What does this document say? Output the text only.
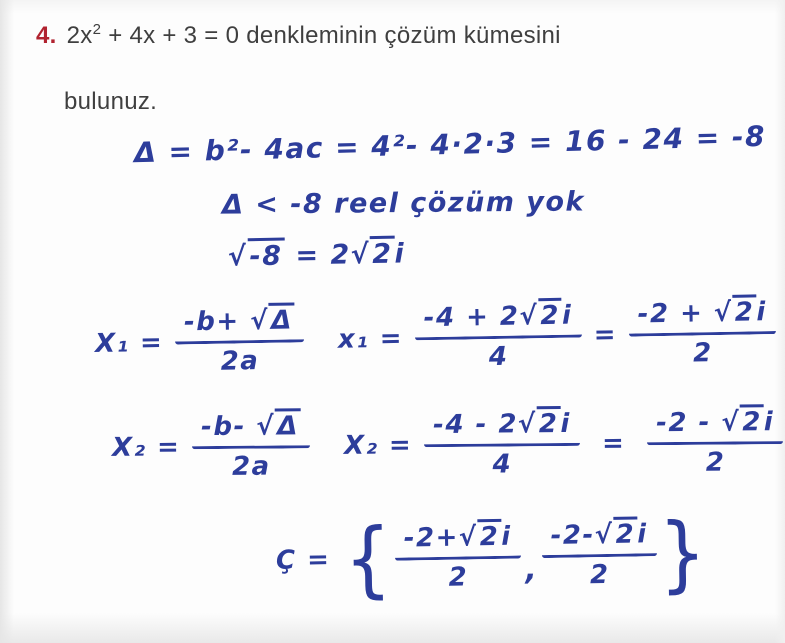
4. $2x^2 + 4x + 3 = 0$ denkleminin çözüm kümesini
bulunuz.
Δ = b²- 4ac = 4²- 4·2·3 = 16 - 24 = -8
Δ < -8 reel çözüm yok
√-8 = 2√2i
$X_1 = \frac{-b+ √\Delta}{2a}$	$x_1 = \frac{-4 + 2√2i}{4} = \frac{-2 + √2i}{2}$
$X_2 = \frac{-b- √\Delta}{2a}$	$X_2 = \frac{-4 - 2√2i}{4} = \frac{-2 - √2i}{2}$
Ç = { $\frac{-2+√2i}{2}$ , $\frac{-2-√2i}{2}$ }
